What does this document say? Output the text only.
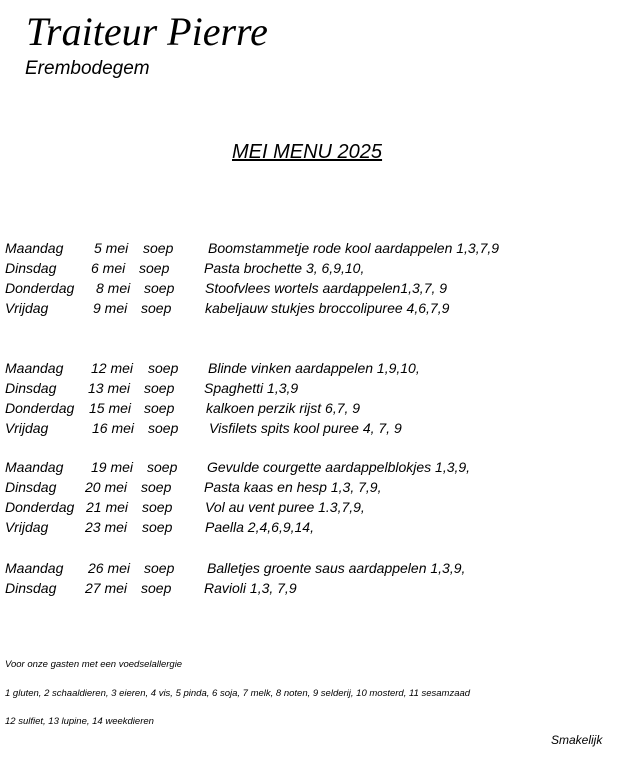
Traiteur Pierre
Erembodegem
MEI MENU 2025
Maandag 5 mei soep Boomstammetje rode kool aardappelen 1,3,7,9
Dinsdag 6 mei soep Pasta brochette 3, 6,9,10,
Donderdag 8 mei soep Stoofvlees wortels aardappelen1,3,7, 9
Vrijdag	9 mei soep kabeljauw stukjes broccolipuree 4,6,7,9
Maandag 12 mei soep Blinde vinken aardappelen 1,9,10,
Dinsdag 13 mei soep Spaghetti 1,3,9
Donderdag 15 mei soep kalkoen perzik rijst 6,7, 9
Vrijdag	16 mei soep Visfilets spits kool puree 4, 7, 9
Maandag 19 mei soep Gevulde courgette aardappelblokjes 1,3,9,
Dinsdag 20 mei soep Pasta kaas en hesp 1,3, 7,9,
Donderdag 21 mei soep Vol au vent puree 1.3,7,9,
Vrijdag	23 mei soep Paella 2,4,6,9,14,
Maandag 26 mei soep Balletjes groente saus aardappelen 1,3,9,
Dinsdag 27 mei soep Ravioli 1,3, 7,9
Voor onze gasten met een voedselallergie
1 gluten, 2 schaaldieren, 3 eieren, 4 vis, 5 pinda, 6 soja, 7 melk, 8 noten, 9 selderij, 10 mosterd, 11 sesamzaad
12 sulfiet, 13 lupine, 14 weekdieren
Smakelijk
